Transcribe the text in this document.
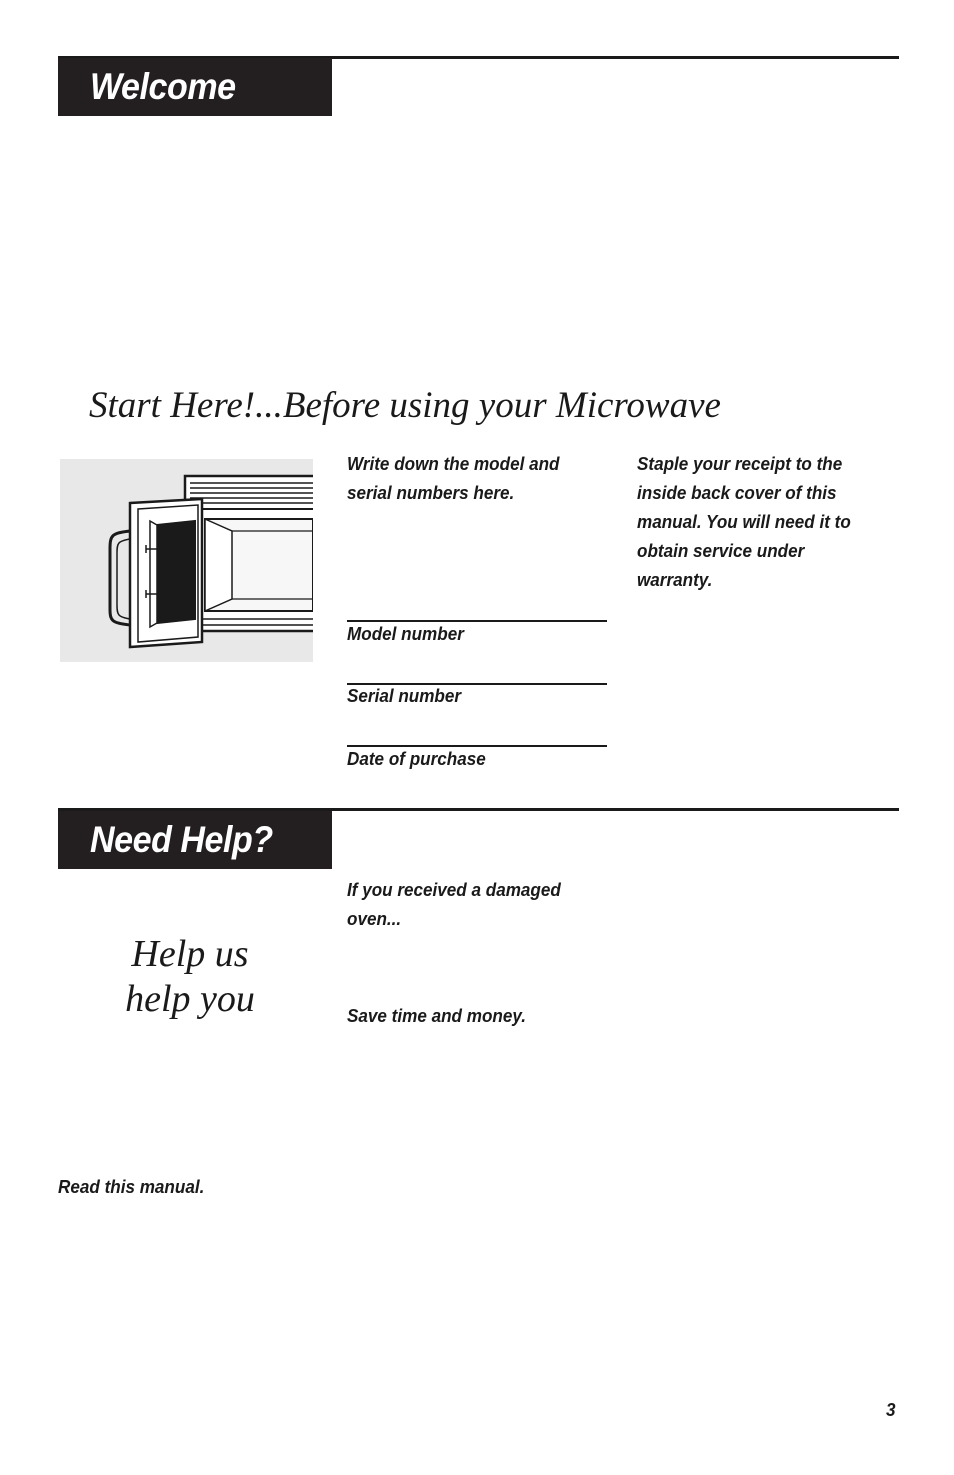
Welcome
Start Here!...Before using your Microwave
Write down the model and
serial numbers here.
Staple your receipt to the
inside back cover of this
manual. You will need it to
obtain service under
warranty.
Model number
Serial number
Date of purchase
Need Help?
Help us
help you
If you received a damaged
oven...
Save time and money.
Read this manual.
3
